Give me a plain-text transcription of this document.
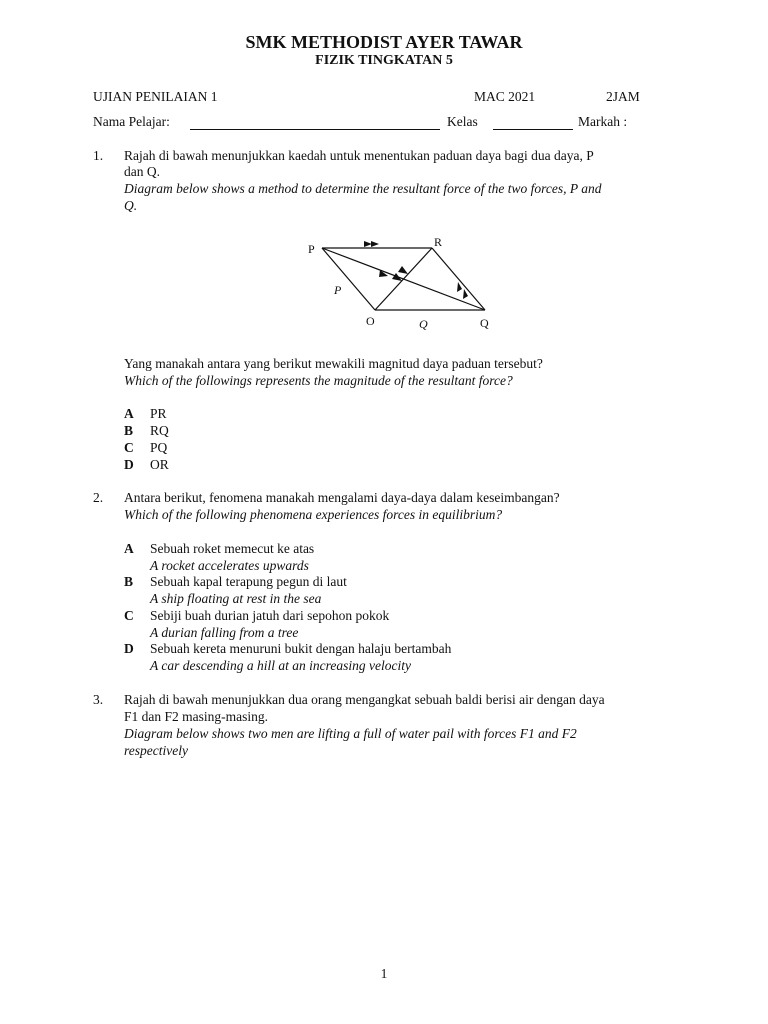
SMK METHODIST AYER TAWAR
FIZIK TINGKATAN 5
UJIAN PENILAIAN 1	MAC 2021	2JAM
Nama Pelajar:	Kelas	Markah :
1. Rajah di bawah menunjukkan kaedah untuk menentukan paduan daya bagi dua daya, P
dan Q.
Diagram below shows a method to determine the resultant force of the two forces, P and
Q.
P	R
O	Q
P
Q
Yang manakah antara yang berikut mewakili magnitud daya paduan tersebut?
Which of the followings represents the magnitude of the resultant force?
A PR
B RQ
C PQ
D OR
2. Antara berikut, fenomena manakah mengalami daya-daya dalam keseimbangan?
Which of the following phenomena experiences forces in equilibrium?
A Sebuah roket memecut ke atas
A rocket accelerates upwards
B Sebuah kapal terapung pegun di laut
A ship floating at rest in the sea
C Sebiji buah durian jatuh dari sepohon pokok
A durian falling from a tree
D Sebuah kereta menuruni bukit dengan halaju bertambah
A car descending a hill at an increasing velocity
3. Rajah di bawah menunjukkan dua orang mengangkat sebuah baldi berisi air dengan daya
F1 dan F2 masing-masing.
Diagram below shows two men are lifting a full of water pail with forces F1 and F2
respectively
1
